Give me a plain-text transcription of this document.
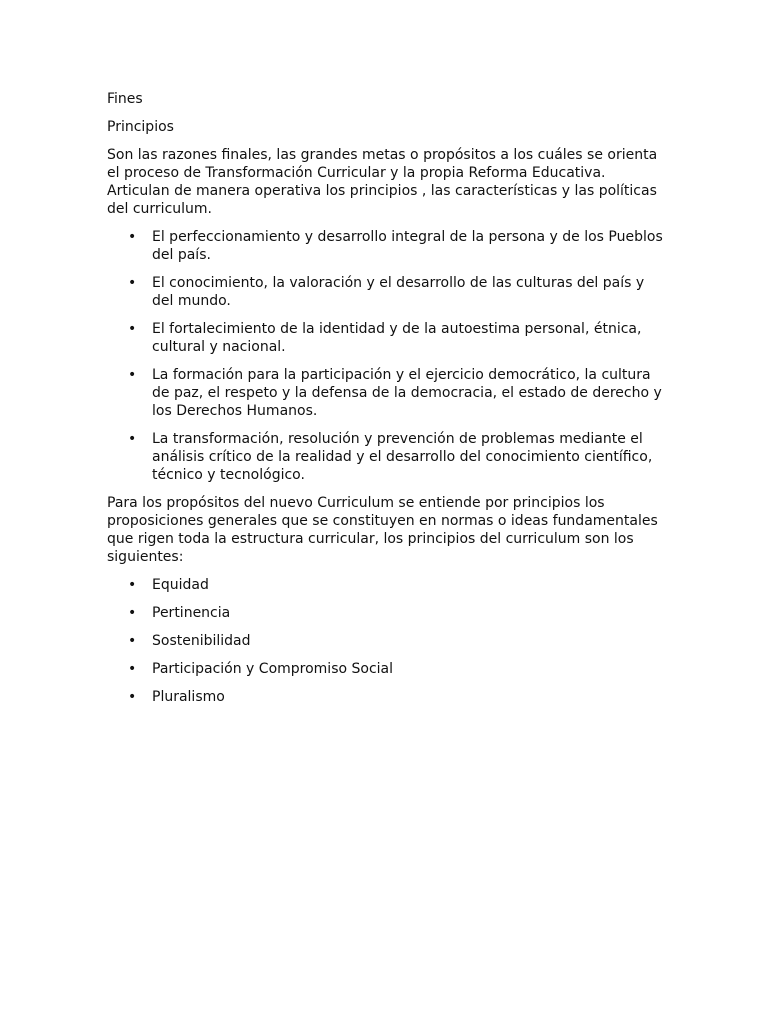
Fines

Principios

Son las razones finales, las grandes metas o propósitos a los cuáles se orienta el proceso de Transformación Curricular y la propia Reforma Educativa. Articulan de manera operativa los principios , las características y las políticas del curriculum.

• El perfeccionamiento y desarrollo integral de la persona y de los Pueblos del país.
• El conocimiento, la valoración y el desarrollo de las culturas del país y del mundo.
• El fortalecimiento de la identidad y de la autoestima personal, étnica, cultural y nacional.
• La formación para la participación y el ejercicio democrático, la cultura de paz, el respeto y la defensa de la democracia, el estado de derecho y los Derechos Humanos.
• La transformación, resolución y prevención de problemas mediante el análisis crítico de la realidad y el desarrollo del conocimiento científico, técnico y tecnológico.

Para los propósitos del nuevo Curriculum se entiende por principios los proposiciones generales que se constituyen en normas o ideas fundamentales que rigen toda la estructura curricular, los principios del curriculum son los siguientes:

• Equidad
• Pertinencia
• Sostenibilidad
• Participación y Compromiso Social
• Pluralismo
